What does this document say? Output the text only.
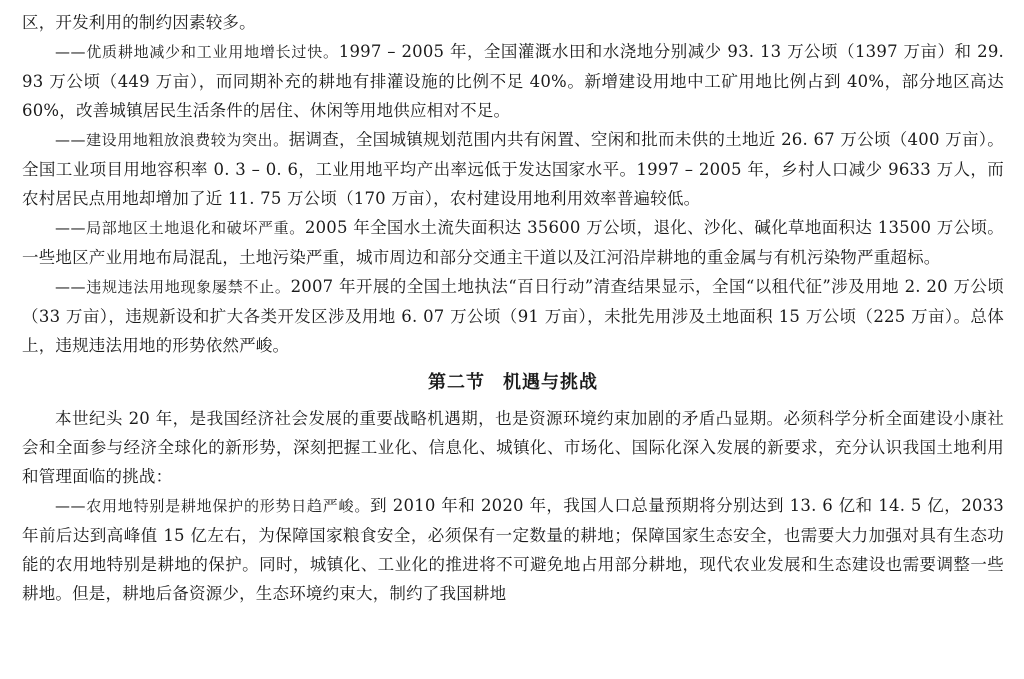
区，开发利用的制约因素较多。

——优质耕地减少和工业用地增长过快。1997 – 2005 年，全国灌溉水田和水浇地分别减少 93. 13 万公顷（1397 万亩）和 29. 93 万公顷（449 万亩），而同期补充的耕地有排灌设施的比例不足 40%。新增建设用地中工矿用地比例占到 40%，部分地区高达 60%，改善城镇居民生活条件的居住、休闲等用地供应相对不足。

——建设用地粗放浪费较为突出。据调查，全国城镇规划范围内共有闲置、空闲和批而未供的土地近 26. 67 万公顷（400 万亩）。全国工业项目用地容积率 0. 3 – 0. 6，工业用地平均产出率远低于发达国家水平。1997 – 2005 年，乡村人口减少 9633 万人，而农村居民点用地却增加了近 11. 75 万公顷（170 万亩），农村建设用地利用效率普遍较低。

——局部地区土地退化和破坏严重。2005 年全国水土流失面积达 35600 万公顷，退化、沙化、碱化草地面积达 13500 万公顷。一些地区产业用地布局混乱，土地污染严重，城市周边和部分交通主干道以及江河沿岸耕地的重金属与有机污染物严重超标。

——违规违法用地现象屡禁不止。2007 年开展的全国土地执法“百日行动”清查结果显示，全国“以租代征”涉及用地 2. 20 万公顷（33 万亩），违规新设和扩大各类开发区涉及用地 6. 07 万公顷（91 万亩），未批先用涉及土地面积 15 万公顷（225 万亩）。总体上，违规违法用地的形势依然严峻。

第二节 机遇与挑战

本世纪头 20 年，是我国经济社会发展的重要战略机遇期，也是资源环境约束加剧的矛盾凸显期。必须科学分析全面建设小康社会和全面参与经济全球化的新形势，深刻把握工业化、信息化、城镇化、市场化、国际化深入发展的新要求，充分认识我国土地利用和管理面临的挑战：

——农用地特别是耕地保护的形势日趋严峻。到 2010 年和 2020 年，我国人口总量预期将分别达到 13. 6 亿和 14. 5 亿，2033 年前后达到高峰值 15 亿左右，为保障国家粮食安全，必须保有一定数量的耕地；保障国家生态安全，也需要大力加强对具有生态功能的农用地特别是耕地的保护。同时，城镇化、工业化的推进将不可避免地占用部分耕地，现代农业发展和生态建设也需要调整一些耕地。但是，耕地后备资源少，生态环境约束大，制约了我国耕地
